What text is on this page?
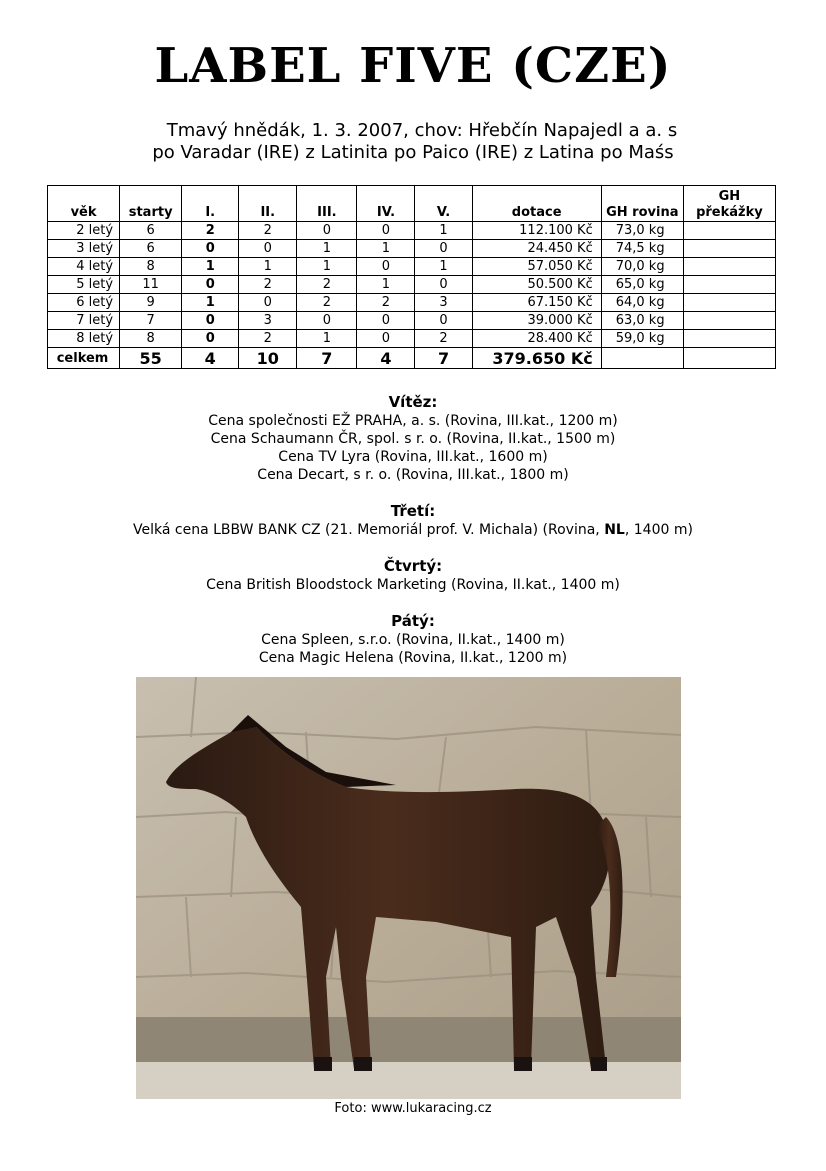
LABEL FIVE (CZE)
Tmavý hnědák, 1. 3. 2007, chov: Hřebčín Napajedl a a. s
po Varadar (IRE) z Latinita po Paico (IRE) z Latina po Maśs
věk	starty	I.	II.	III.	IV.	V.	dotace	GH rovina	GH překážky
2 letý	6	2	2	0	0	1	112.100 Kč	73,0 kg	
3 letý	6	0	0	1	1	0	24.450 Kč	74,5 kg	
4 letý	8	1	1	1	0	1	57.050 Kč	70,0 kg	
5 letý	11	0	2	2	1	0	50.500 Kč	65,0 kg	
6 letý	9	1	0	2	2	3	67.150 Kč	64,0 kg	
7 letý	7	0	3	0	0	0	39.000 Kč	63,0 kg	
8 letý	8	0	2	1	0	2	28.400 Kč	59,0 kg	
celkem	55	4	10	7	4	7	379.650 Kč		
Vítěz:
Cena společnosti EŽ PRAHA, a. s. (Rovina, III.kat., 1200 m)
Cena Schaumann ČR, spol. s r. o. (Rovina, II.kat., 1500 m)
Cena TV Lyra (Rovina, III.kat., 1600 m)
Cena Decart, s r. o. (Rovina, III.kat., 1800 m)
Třetí:
Velká cena LBBW BANK CZ (21. Memoriál prof. V. Michala) (Rovina, NL, 1400 m)
Čtvrtý:
Cena British Bloodstock Marketing (Rovina, II.kat., 1400 m)
Pátý:
Cena Spleen, s.r.o. (Rovina, II.kat., 1400 m)
Cena Magic Helena (Rovina, II.kat., 1200 m)
Foto: www.lukaracing.cz
